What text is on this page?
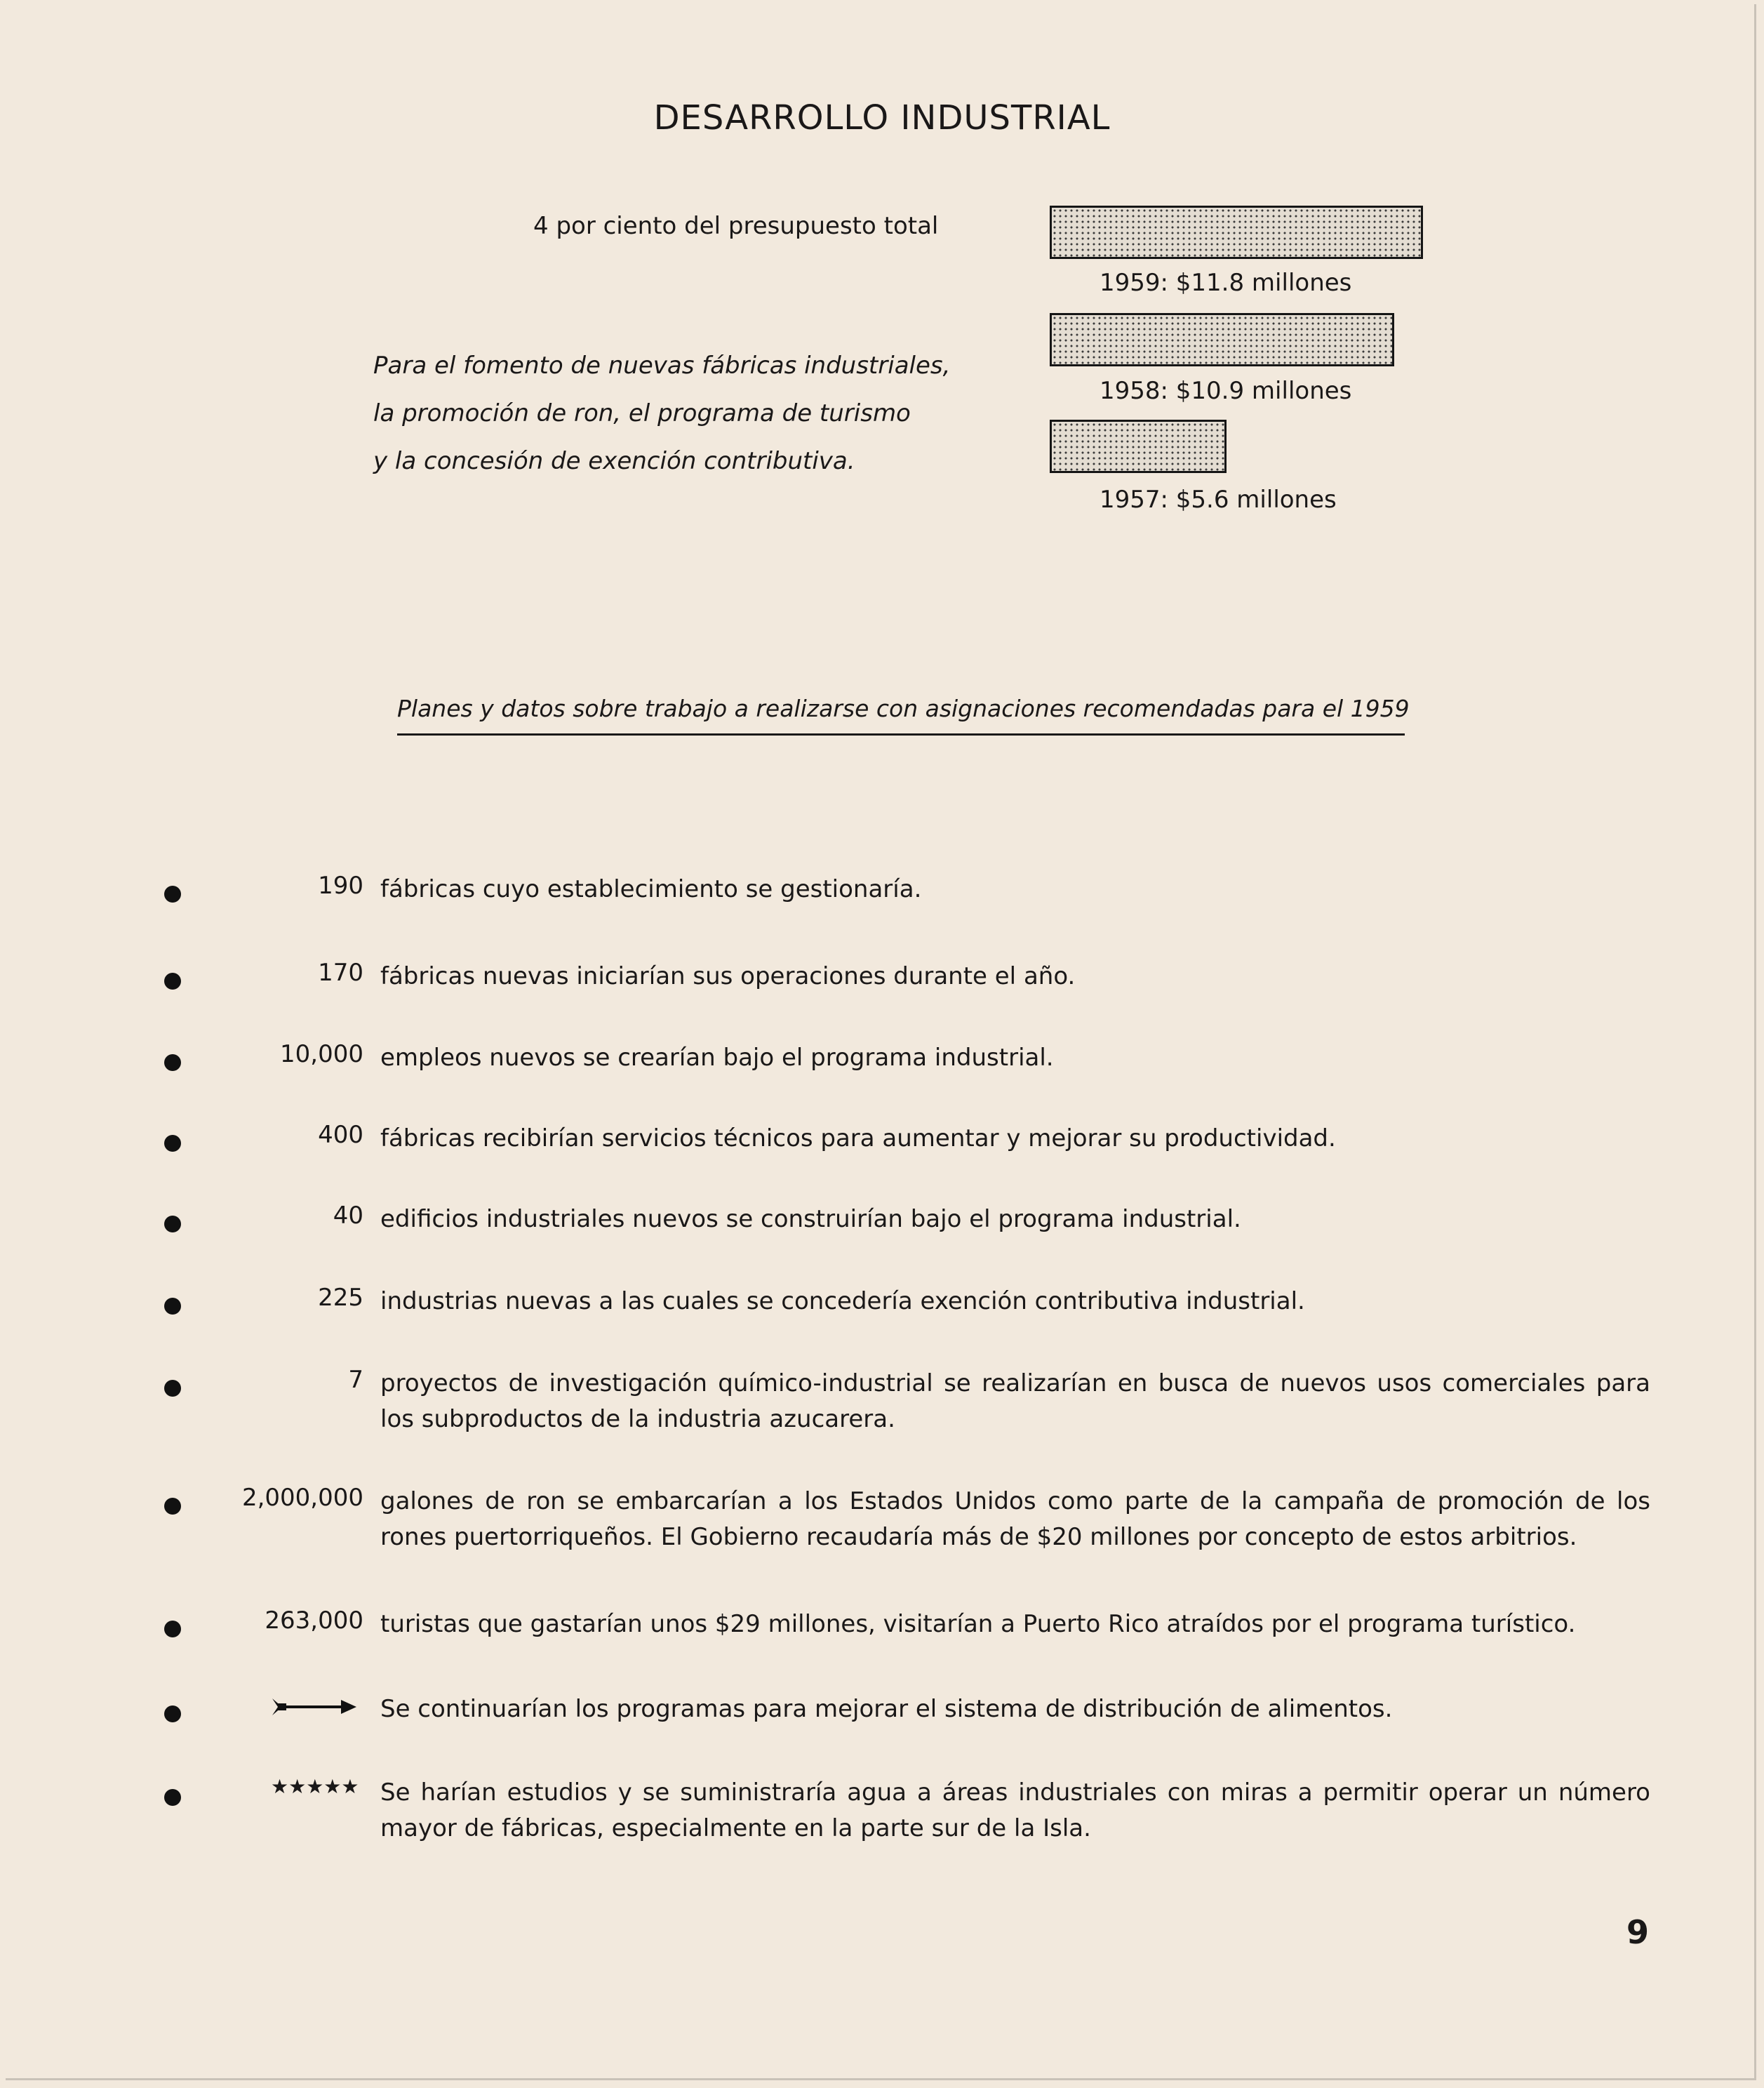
DESARROLLO INDUSTRIAL
4 por ciento del presupuesto total
Para el fomento de nuevas fábricas industriales,
la promoción de ron, el programa de turismo
y la concesión de exención contributiva.
1959: $11.8 millones
1958: $10.9 millones
1957: $5.6 millones
Planes y datos sobre trabajo a realizarse con asignaciones recomendadas para el 1959
190 fábricas cuyo establecimiento se gestionaría.
170 fábricas nuevas iniciarían sus operaciones durante el año.
10,000 empleos nuevos se crearían bajo el programa industrial.
400 fábricas recibirían servicios técnicos para aumentar y mejorar su productividad.
40 edificios industriales nuevos se construirían bajo el programa industrial.
225 industrias nuevas a las cuales se concedería exención contributiva industrial.
7 proyectos de investigación químico-industrial se realizarían en busca de nuevos usos comerciales para los subproductos de la industria azucarera.
2,000,000 galones de ron se embarcarían a los Estados Unidos como parte de la campaña de promoción de los rones puertorriqueños. El Gobierno recaudaría más de $20 millones por concepto de estos arbitrios.
263,000 turistas que gastarían unos $29 millones, visitarían a Puerto Rico atraídos por el programa turístico.
Se continuarían los programas para mejorar el sistema de distribución de alimentos.
★★★★★ Se harían estudios y se suministraría agua a áreas industriales con miras a permitir operar un número mayor de fábricas, especialmente en la parte sur de la Isla.
9
